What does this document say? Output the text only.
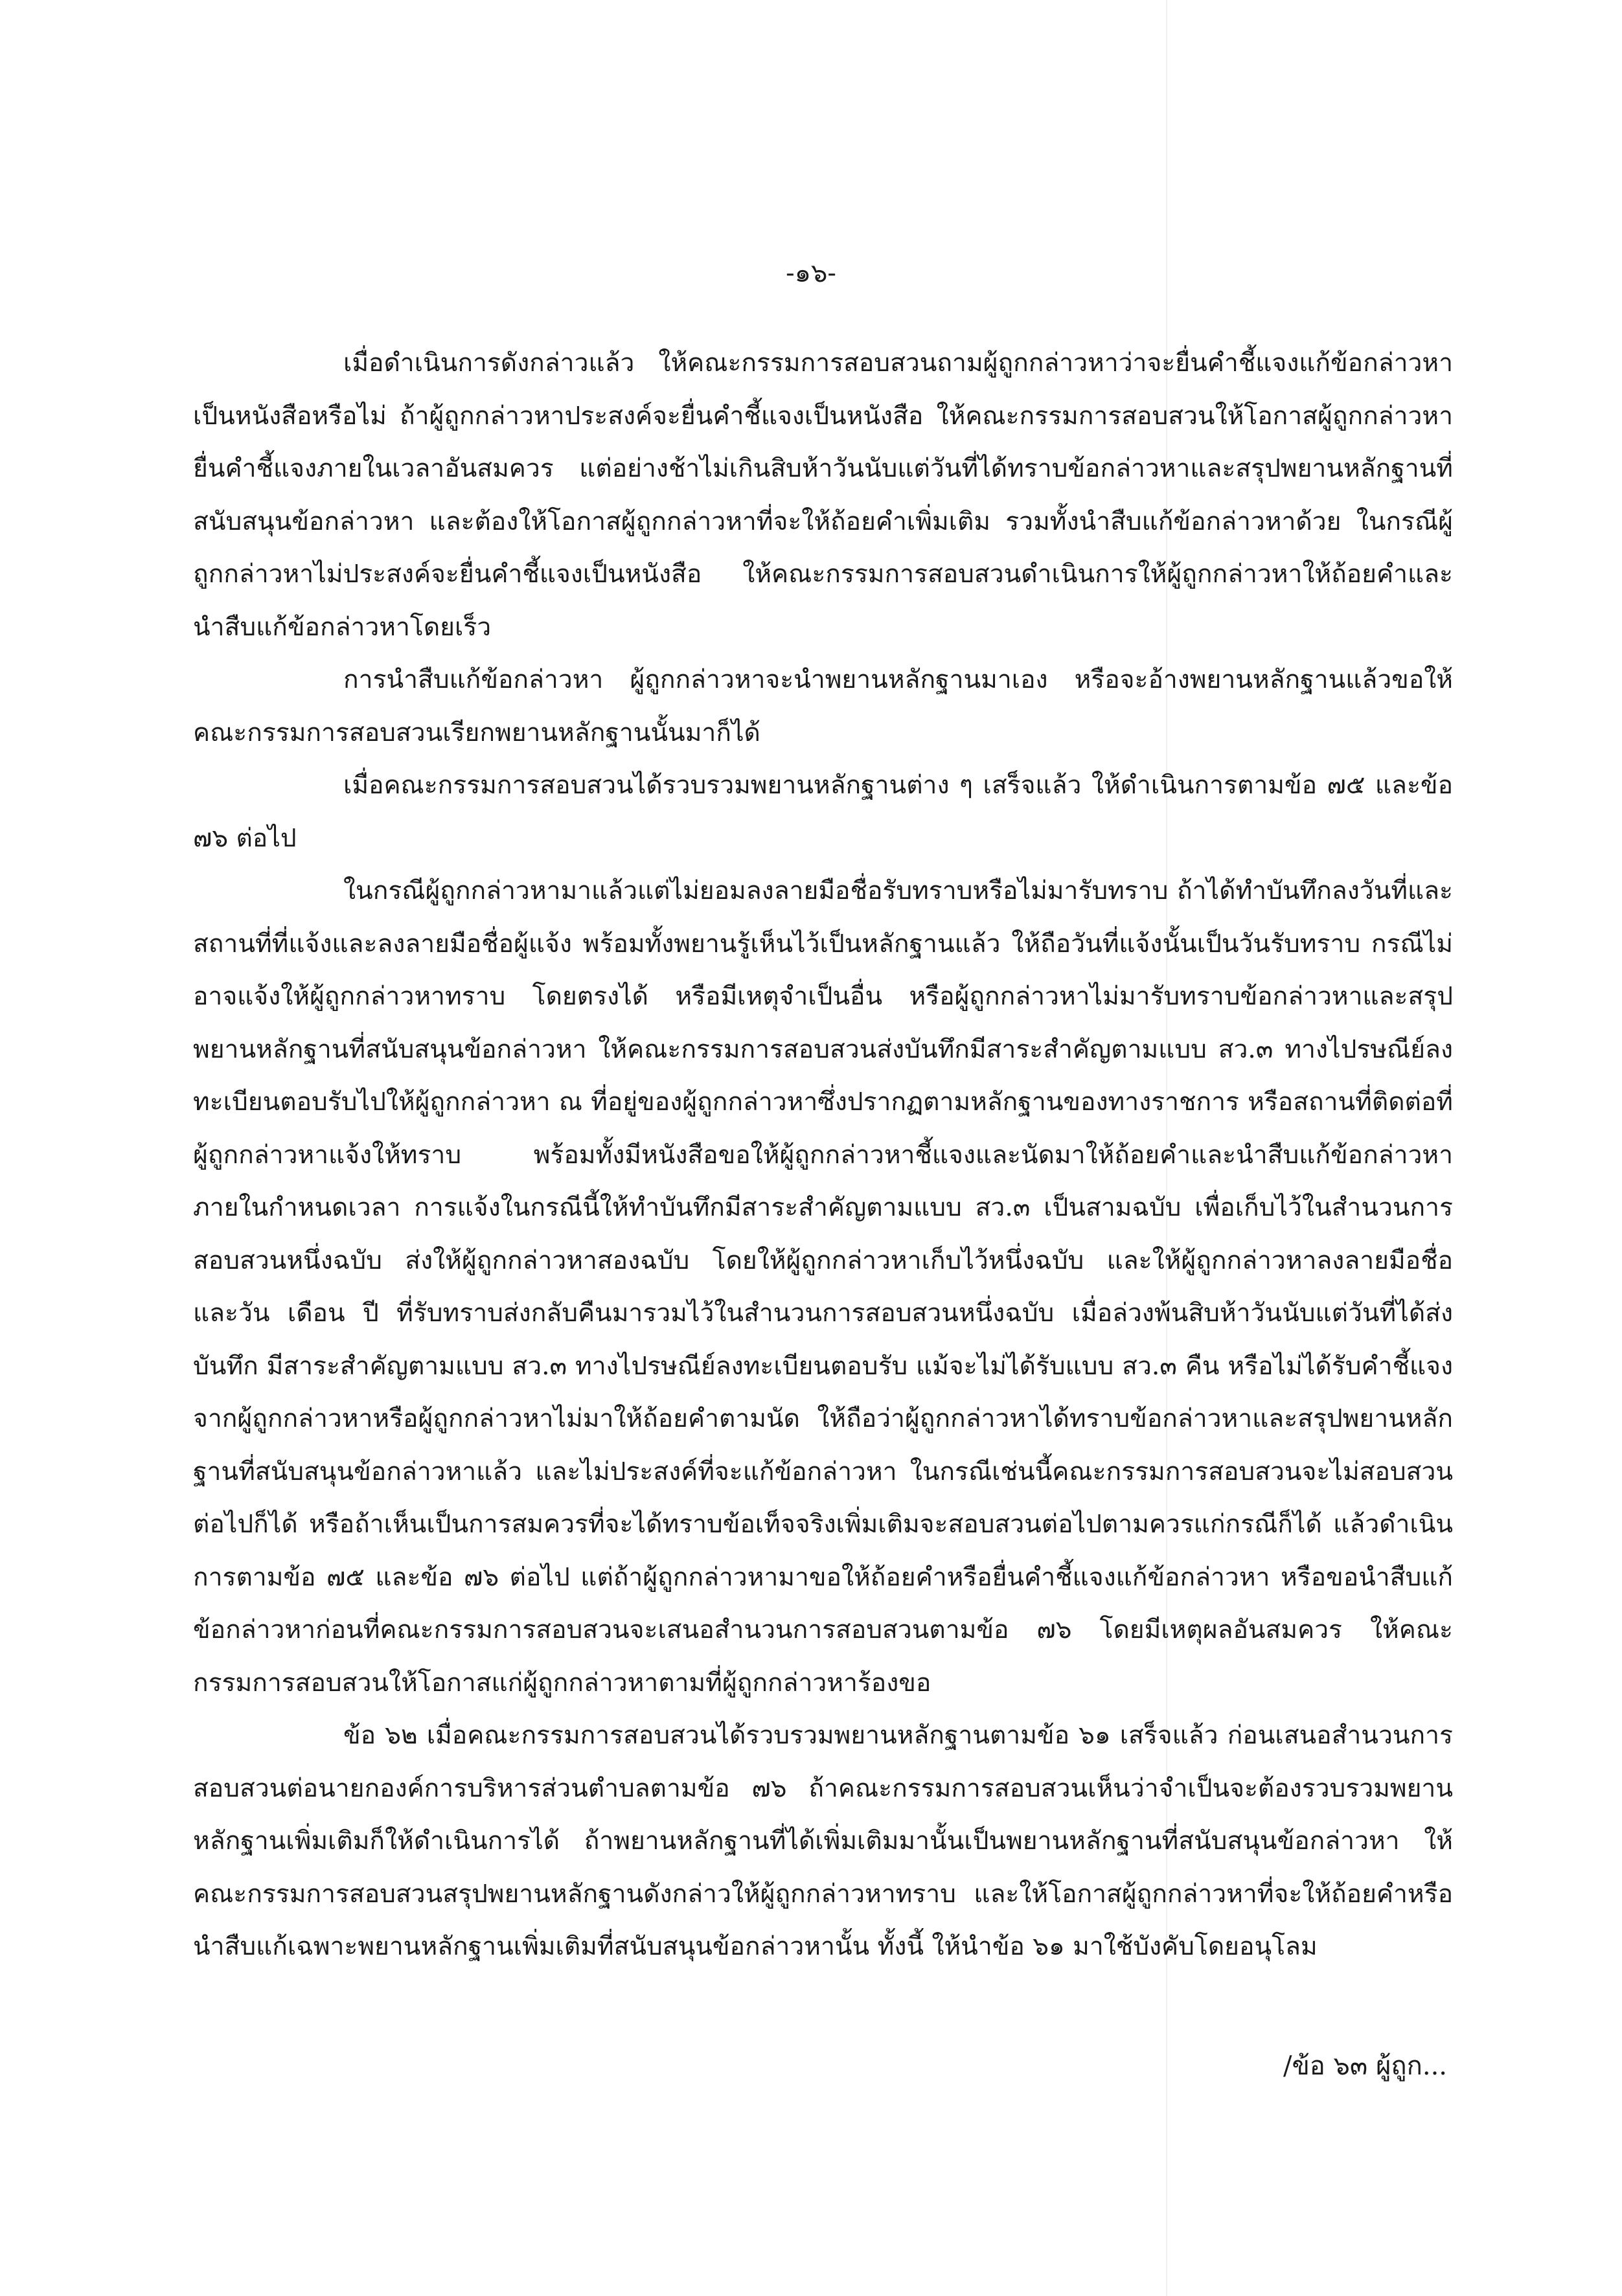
-๑๖-

เมื่อดำเนินการดังกล่าวแล้ว ให้คณะกรรมการสอบสวนถามผู้ถูกกล่าวหาว่าจะยื่นคำชี้แจงแก้ข้อกล่าวหาเป็นหนังสือหรือไม่ ถ้าผู้ถูกกล่าวหาประสงค์จะยื่นคำชี้แจงเป็นหนังสือ ให้คณะกรรมการสอบสวนให้โอกาสผู้ถูกกล่าวหายื่นคำชี้แจงภายในเวลาอันสมควร แต่อย่างช้าไม่เกินสิบห้าวันนับแต่วันที่ได้ทราบข้อกล่าวหาและสรุปพยานหลักฐานที่สนับสนุนข้อกล่าวหา และต้องให้โอกาสผู้ถูกกล่าวหาที่จะให้ถ้อยคำเพิ่มเติม รวมทั้งนำสืบแก้ข้อกล่าวหาด้วย ในกรณีผู้ถูกกล่าวหาไม่ประสงค์จะยื่นคำชี้แจงเป็นหนังสือ ให้คณะกรรมการสอบสวนดำเนินการให้ผู้ถูกกล่าวหาให้ถ้อยคำและนำสืบแก้ข้อกล่าวหาโดยเร็ว

การนำสืบแก้ข้อกล่าวหา ผู้ถูกกล่าวหาจะนำพยานหลักฐานมาเอง หรือจะอ้างพยานหลักฐานแล้วขอให้คณะกรรมการสอบสวนเรียกพยานหลักฐานนั้นมาก็ได้

เมื่อคณะกรรมการสอบสวนได้รวบรวมพยานหลักฐานต่าง ๆ เสร็จแล้ว ให้ดำเนินการตามข้อ ๗๕ และข้อ ๗๖ ต่อไป

ในกรณีผู้ถูกกล่าวหามาแล้วแต่ไม่ยอมลงลายมือชื่อรับทราบหรือไม่มารับทราบ ถ้าได้ทำบันทึกลงวันที่และสถานที่ที่แจ้งและลงลายมือชื่อผู้แจ้ง พร้อมทั้งพยานรู้เห็นไว้เป็นหลักฐานแล้ว ให้ถือวันที่แจ้งนั้นเป็นวันรับทราบ กรณีไม่อาจแจ้งให้ผู้ถูกกล่าวหาทราบ โดยตรงได้ หรือมีเหตุจำเป็นอื่น หรือผู้ถูกกล่าวหาไม่มารับทราบข้อกล่าวหาและสรุปพยานหลักฐานที่สนับสนุนข้อกล่าวหา ให้คณะกรรมการสอบสวนส่งบันทึกมีสาระสำคัญตามแบบ สว.๓ ทางไปรษณีย์ลงทะเบียนตอบรับไปให้ผู้ถูกกล่าวหา ณ ที่อยู่ของผู้ถูกกล่าวหาซึ่งปรากฏตามหลักฐานของทางราชการ หรือสถานที่ติดต่อที่ผู้ถูกกล่าวหาแจ้งให้ทราบ พร้อมทั้งมีหนังสือขอให้ผู้ถูกกล่าวหาชี้แจงและนัดมาให้ถ้อยคำและนำสืบแก้ข้อกล่าวหาภายในกำหนดเวลา การแจ้งในกรณีนี้ให้ทำบันทึกมีสาระสำคัญตามแบบ สว.๓ เป็นสามฉบับ เพื่อเก็บไว้ในสำนวนการสอบสวนหนึ่งฉบับ ส่งให้ผู้ถูกกล่าวหาสองฉบับ โดยให้ผู้ถูกกล่าวหาเก็บไว้หนึ่งฉบับ และให้ผู้ถูกกล่าวหาลงลายมือชื่อ และวัน เดือน ปี ที่รับทราบส่งกลับคืนมารวมไว้ในสำนวนการสอบสวนหนึ่งฉบับ เมื่อล่วงพ้นสิบห้าวันนับแต่วันที่ได้ส่งบันทึก มีสาระสำคัญตามแบบ สว.๓ ทางไปรษณีย์ลงทะเบียนตอบรับ แม้จะไม่ได้รับแบบ สว.๓ คืน หรือไม่ได้รับคำชี้แจงจากผู้ถูกกล่าวหาหรือผู้ถูกกล่าวหาไม่มาให้ถ้อยคำตามนัด ให้ถือว่าผู้ถูกกล่าวหาได้ทราบข้อกล่าวหาและสรุปพยานหลักฐานที่สนับสนุนข้อกล่าวหาแล้ว และไม่ประสงค์ที่จะแก้ข้อกล่าวหา ในกรณีเช่นนี้คณะกรรมการสอบสวนจะไม่สอบสวนต่อไปก็ได้ หรือถ้าเห็นเป็นการสมควรที่จะได้ทราบข้อเท็จจริงเพิ่มเติมจะสอบสวนต่อไปตามควรแก่กรณีก็ได้ แล้วดำเนินการตามข้อ ๗๕ และข้อ ๗๖ ต่อไป แต่ถ้าผู้ถูกกล่าวหามาขอให้ถ้อยคำหรือยื่นคำชี้แจงแก้ข้อกล่าวหา หรือขอนำสืบแก้ข้อกล่าวหาก่อนที่คณะกรรมการสอบสวนจะเสนอสำนวนการสอบสวนตามข้อ ๗๖ โดยมีเหตุผลอันสมควร ให้คณะกรรมการสอบสวนให้โอกาสแก่ผู้ถูกกล่าวหาตามที่ผู้ถูกกล่าวหาร้องขอ

ข้อ ๖๒ เมื่อคณะกรรมการสอบสวนได้รวบรวมพยานหลักฐานตามข้อ ๖๑ เสร็จแล้ว ก่อนเสนอสำนวนการสอบสวนต่อนายกองค์การบริหารส่วนตำบลตามข้อ ๗๖ ถ้าคณะกรรมการสอบสวนเห็นว่าจำเป็นจะต้องรวบรวมพยานหลักฐานเพิ่มเติมก็ให้ดำเนินการได้ ถ้าพยานหลักฐานที่ได้เพิ่มเติมมานั้นเป็นพยานหลักฐานที่สนับสนุนข้อกล่าวหา ให้คณะกรรมการสอบสวนสรุปพยานหลักฐานดังกล่าวให้ผู้ถูกกล่าวหาทราบ และให้โอกาสผู้ถูกกล่าวหาที่จะให้ถ้อยคำหรือนำสืบแก้เฉพาะพยานหลักฐานเพิ่มเติมที่สนับสนุนข้อกล่าวหานั้น ทั้งนี้ ให้นำข้อ ๖๑ มาใช้บังคับโดยอนุโลม

/ข้อ ๖๓ ผู้ถูก...
